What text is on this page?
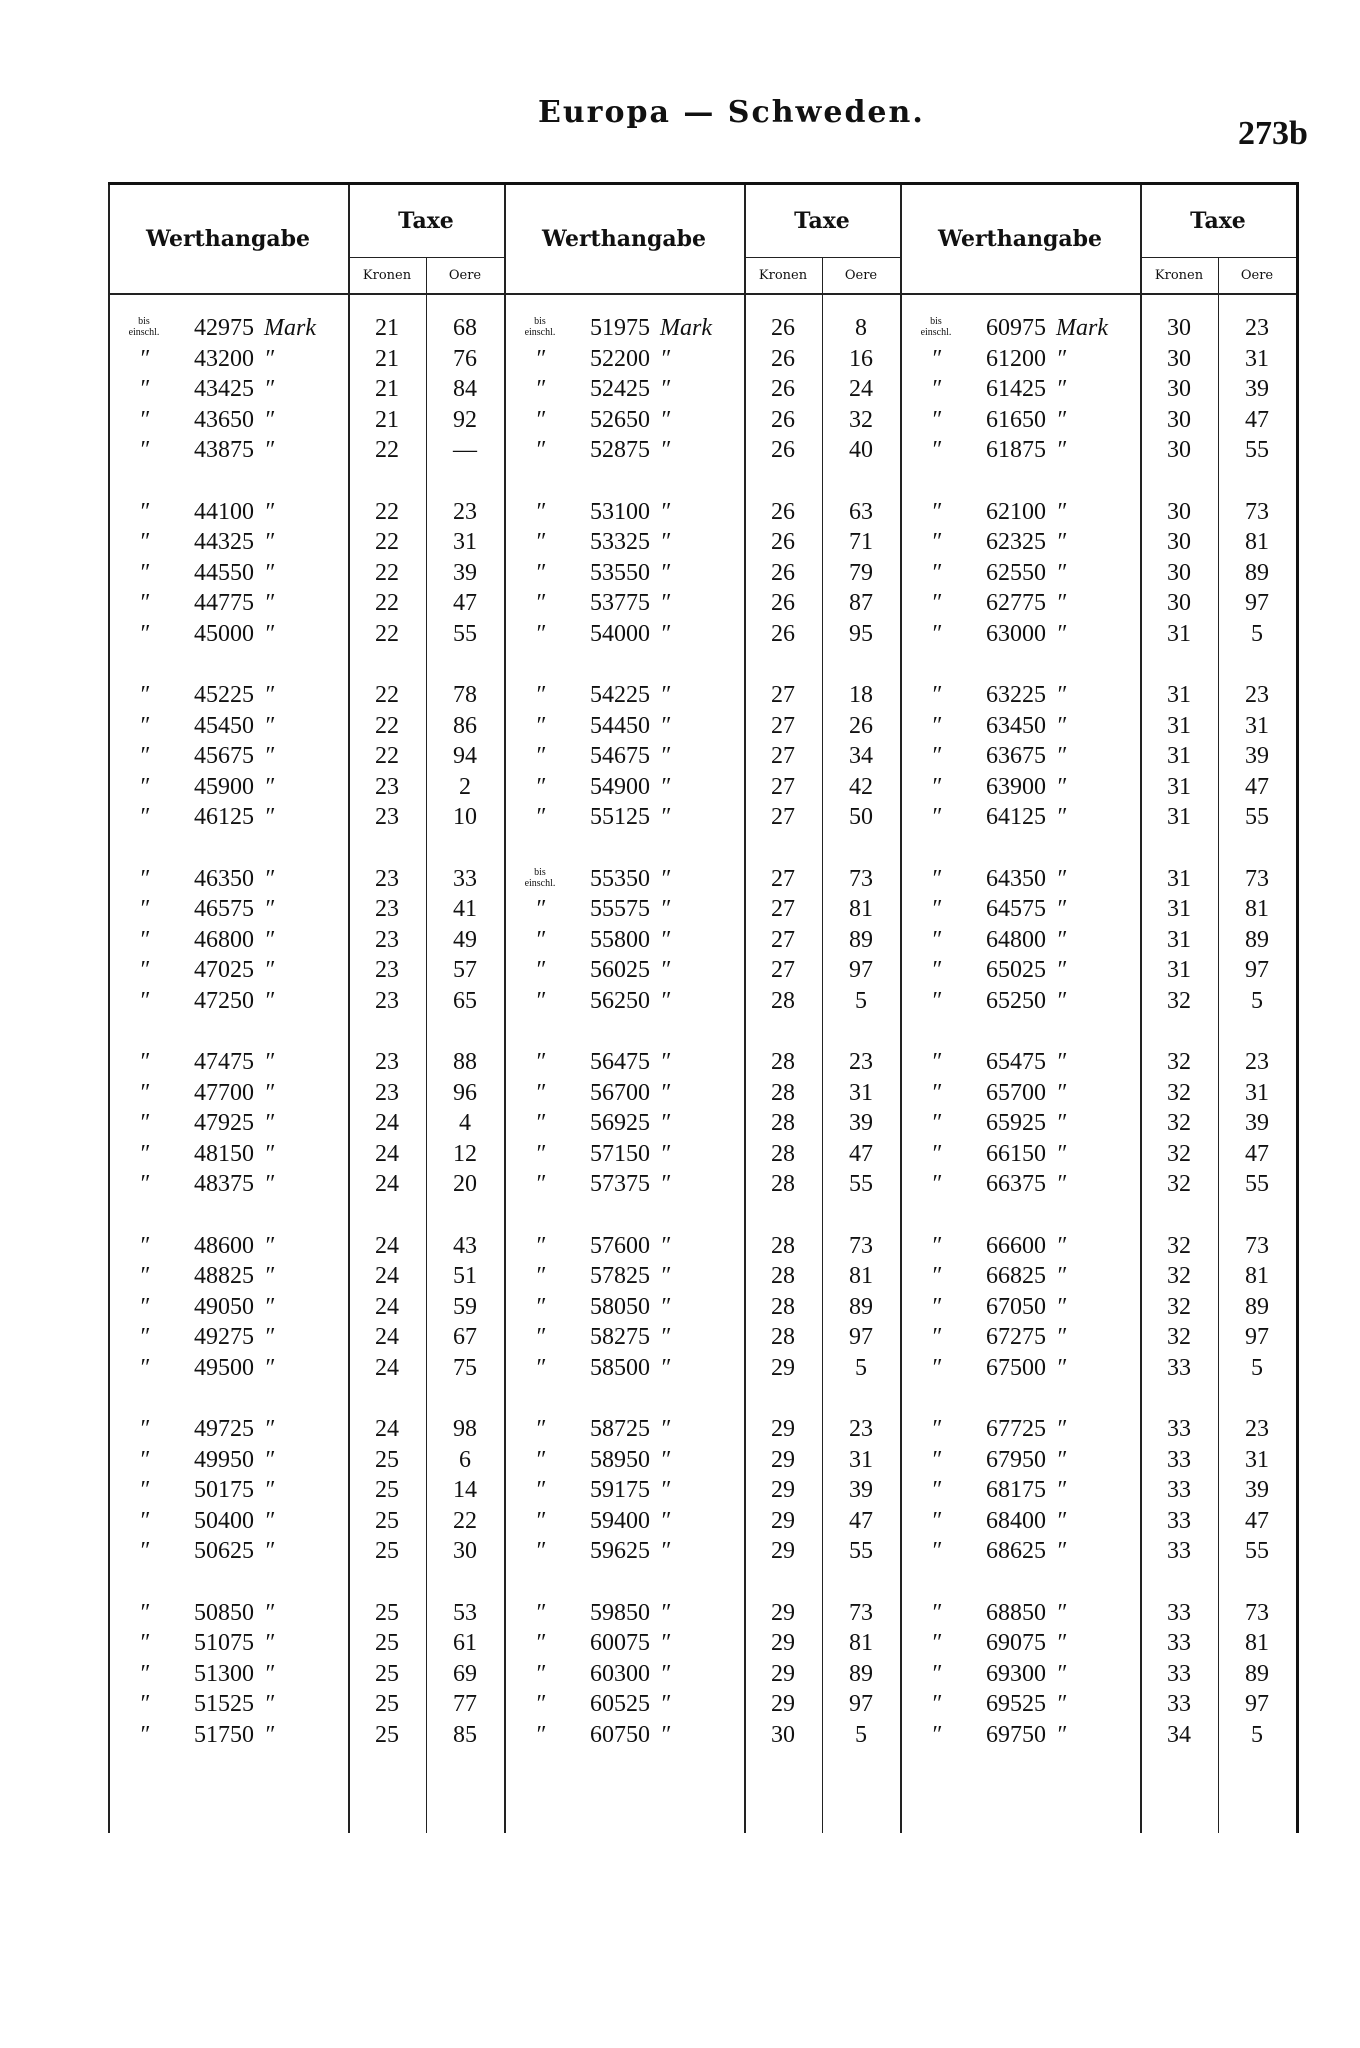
Europa — Schweden.
273b
Werthangabe
Taxe
Kronen	Oere
bis einschl.	42975 Mark	21	68
″	43200 ″	21	76
″	43425 ″	21	84
″	43650 ″	21	92
″	43875 ″	22	—
″	44100 ″	22	23
″	44325 ″	22	31
″	44550 ″	22	39
″	44775 ″	22	47
″	45000 ″	22	55
″	45225 ″	22	78
″	45450 ″	22	86
″	45675 ″	22	94
″	45900 ″	23	2
″	46125 ″	23	10
″	46350 ″	23	33
″	46575 ″	23	41
″	46800 ″	23	49
″	47025 ″	23	57
″	47250 ″	23	65
″	47475 ″	23	88
″	47700 ″	23	96
″	47925 ″	24	4
″	48150 ″	24	12
″	48375 ″	24	20
″	48600 ″	24	43
″	48825 ″	24	51
″	49050 ″	24	59
″	49275 ″	24	67
″	49500 ″	24	75
″	49725 ″	24	98
″	49950 ″	25	6
″	50175 ″	25	14
″	50400 ″	25	22
″	50625 ″	25	30
″	50850 ″	25	53
″	51075 ″	25	61
″	51300 ″	25	69
″	51525 ″	25	77
″	51750 ″	25	85
Werthangabe
Taxe
Kronen	Oere
bis einschl.	51975 Mark	26	8
″	52200 ″	26	16
″	52425 ″	26	24
″	52650 ″	26	32
″	52875 ″	26	40
″	53100 ″	26	63
″	53325 ″	26	71
″	53550 ″	26	79
″	53775 ″	26	87
″	54000 ″	26	95
″	54225 ″	27	18
″	54450 ″	27	26
″	54675 ″	27	34
″	54900 ″	27	42
″	55125 ″	27	50
bis einschl.	55350 ″	27	73
″	55575 ″	27	81
″	55800 ″	27	89
″	56025 ″	27	97
″	56250 ″	28	5
″	56475 ″	28	23
″	56700 ″	28	31
″	56925 ″	28	39
″	57150 ″	28	47
″	57375 ″	28	55
″	57600 ″	28	73
″	57825 ″	28	81
″	58050 ″	28	89
″	58275 ″	28	97
″	58500 ″	29	5
″	58725 ″	29	23
″	58950 ″	29	31
″	59175 ″	29	39
″	59400 ″	29	47
″	59625 ″	29	55
″	59850 ″	29	73
″	60075 ″	29	81
″	60300 ″	29	89
″	60525 ″	29	97
″	60750 ″	30	5
Werthangabe
Taxe
Kronen	Oere
bis einschl.	60975 Mark	30	23
″	61200 ″	30	31
″	61425 ″	30	39
″	61650 ″	30	47
″	61875 ″	30	55
″	62100 ″	30	73
″	62325 ″	30	81
″	62550 ″	30	89
″	62775 ″	30	97
″	63000 ″	31	5
″	63225 ″	31	23
″	63450 ″	31	31
″	63675 ″	31	39
″	63900 ″	31	47
″	64125 ″	31	55
″	64350 ″	31	73
″	64575 ″	31	81
″	64800 ″	31	89
″	65025 ″	31	97
″	65250 ″	32	5
″	65475 ″	32	23
″	65700 ″	32	31
″	65925 ″	32	39
″	66150 ″	32	47
″	66375 ″	32	55
″	66600 ″	32	73
″	66825 ″	32	81
″	67050 ″	32	89
″	67275 ″	32	97
″	67500 ″	33	5
″	67725 ″	33	23
″	67950 ″	33	31
″	68175 ″	33	39
″	68400 ″	33	47
″	68625 ″	33	55
″	68850 ″	33	73
″	69075 ″	33	81
″	69300 ″	33	89
″	69525 ″	33	97
″	69750 ″	34	5
